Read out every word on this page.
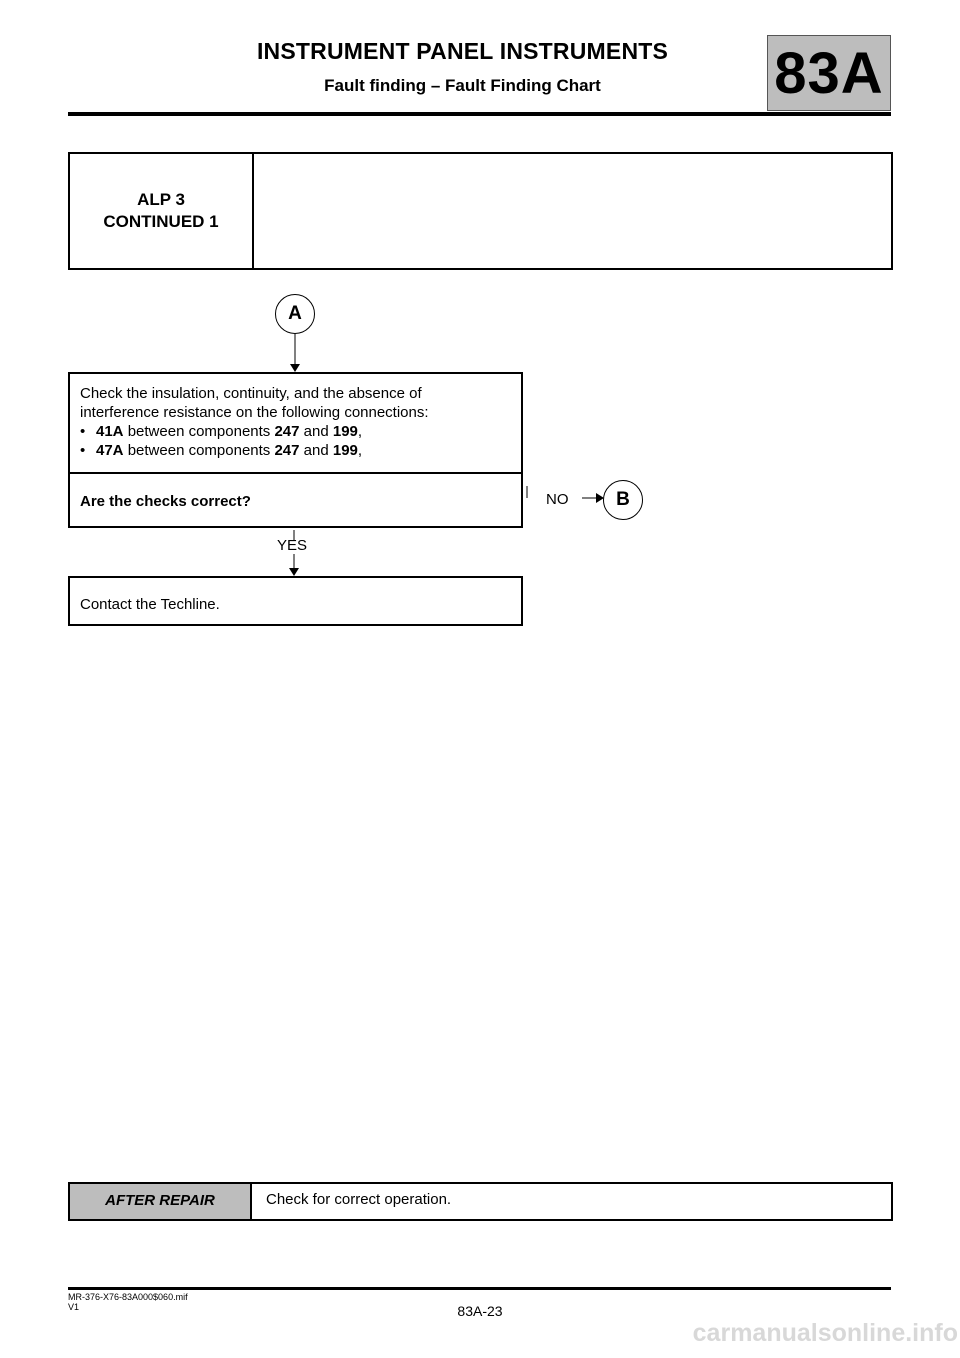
INSTRUMENT PANEL INSTRUMENTS
Fault finding – Fault Finding Chart	83A
ALP 3
CONTINUED 1
A
Check the insulation, continuity, and the absence of
interference resistance on the following connections:
• 41A between components 247 and 199,
• 47A between components 247 and 199,
Are the checks correct?	NO	B
YES
Contact the Techline.
AFTER REPAIR	Check for correct operation.
MR-376-X76-83A000$060.mif
V1	83A-23
carmanualsonline.info
